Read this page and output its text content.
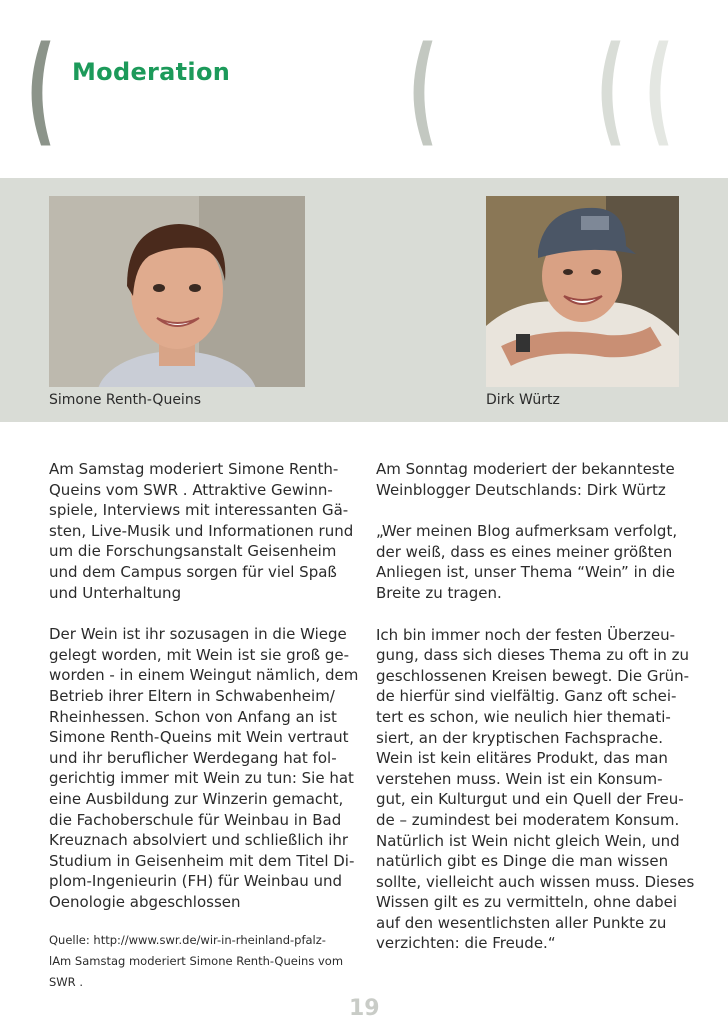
(	( ( (
Moderation
Simone Renth-Queins	Dirk Würtz

Am Samstag moderiert Simone Renth-
Queins vom SWR . Attraktive Gewinn-
spiele, Interviews mit interessanten Gä-
sten, Live-Musik und Informationen rund
um die Forschungsanstalt Geisenheim
und dem Campus sorgen für viel Spaß
und Unterhaltung

Der Wein ist ihr sozusagen in die Wiege
gelegt worden, mit Wein ist sie groß ge-
worden - in einem Weingut nämlich, dem
Betrieb ihrer Eltern in Schwabenheim/
Rheinhessen. Schon von Anfang an ist
Simone Renth-Queins mit Wein vertraut
und ihr beruflicher Werdegang hat fol-
gerichtig immer mit Wein zu tun: Sie hat
eine Ausbildung zur Winzerin gemacht,
die Fachoberschule für Weinbau in Bad
Kreuznach absolviert und schließlich ihr
Studium in Geisenheim mit dem Titel Di-
plom-Ingenieurin (FH) für Weinbau und
Oenologie abgeschlossen

Quelle: http://www.swr.de/wir-in-rheinland-pfalz-
lAm Samstag moderiert Simone Renth-Queins vom
SWR .

Am Sonntag moderiert der bekannteste
Weinblogger Deutschlands: Dirk Würtz

„Wer meinen Blog aufmerksam verfolgt,
der weiß, dass es eines meiner größten
Anliegen ist, unser Thema “Wein” in die
Breite zu tragen.

Ich bin immer noch der festen Überzeu-
gung, dass sich dieses Thema zu oft in zu
geschlossenen Kreisen bewegt. Die Grün-
de hierfür sind vielfältig. Ganz oft schei-
tert es schon, wie neulich hier themati-
siert, an der kryptischen Fachsprache.
Wein ist kein elitäres Produkt, das man
verstehen muss. Wein ist ein Konsum-
gut, ein Kulturgut und ein Quell der Freu-
de – zumindest bei moderatem Konsum.
Natürlich ist Wein nicht gleich Wein, und
natürlich gibt es Dinge die man wissen
sollte, vielleicht auch wissen muss. Dieses
Wissen gilt es zu vermitteln, ohne dabei
auf den wesentlichsten aller Punkte zu
verzichten: die Freude.“

19
